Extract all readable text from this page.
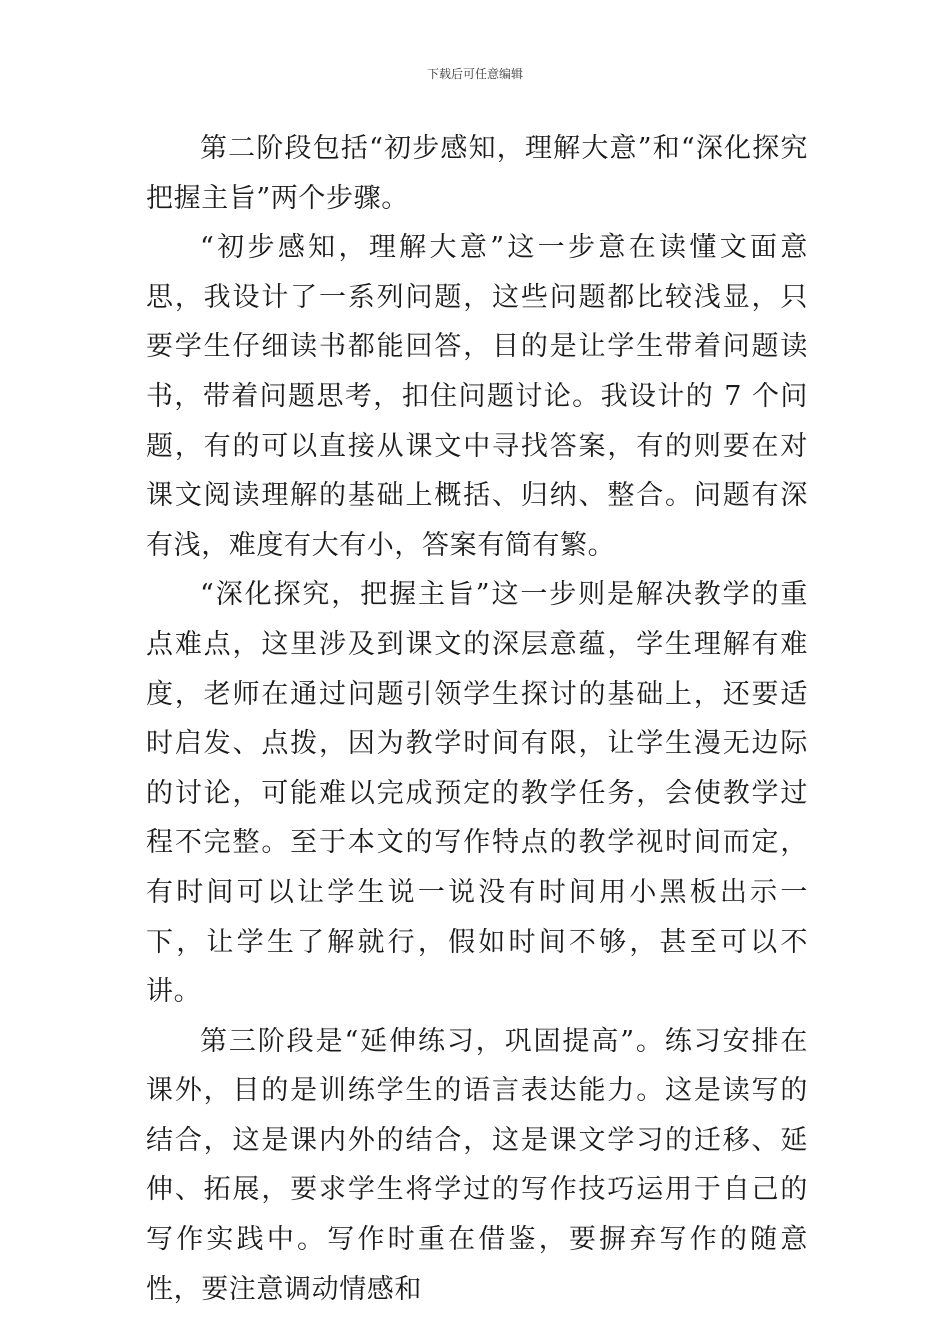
下载后可任意编辑

第二阶段包括“初步感知，理解大意”和“深化探究把握主旨”两个步骤。

“初步感知，理解大意”这一步意在读懂文面意思，我设计了一系列问题，这些问题都比较浅显，只要学生仔细读书都能回答，目的是让学生带着问题读书，带着问题思考，扣住问题讨论。我设计的 7 个问题，有的可以直接从课文中寻找答案，有的则要在对课文阅读理解的基础上概括、归纳、整合。问题有深有浅，难度有大有小，答案有简有繁。

“深化探究，把握主旨”这一步则是解决教学的重点难点，这里涉及到课文的深层意蕴，学生理解有难度，老师在通过问题引领学生探讨的基础上，还要适时启发、点拨，因为教学时间有限，让学生漫无边际的讨论，可能难以完成预定的教学任务，会使教学过程不完整。至于本文的写作特点的教学视时间而定，有时间可以让学生说一说没有时间用小黑板出示一下，让学生了解就行，假如时间不够，甚至可以不讲。

第三阶段是“延伸练习，巩固提高”。练习安排在课外，目的是训练学生的语言表达能力。这是读写的结合，这是课内外的结合，这是课文学习的迁移、延伸、拓展，要求学生将学过的写作技巧运用于自己的写作实践中。写作时重在借鉴，要摒弃写作的随意性，要注意调动情感和
